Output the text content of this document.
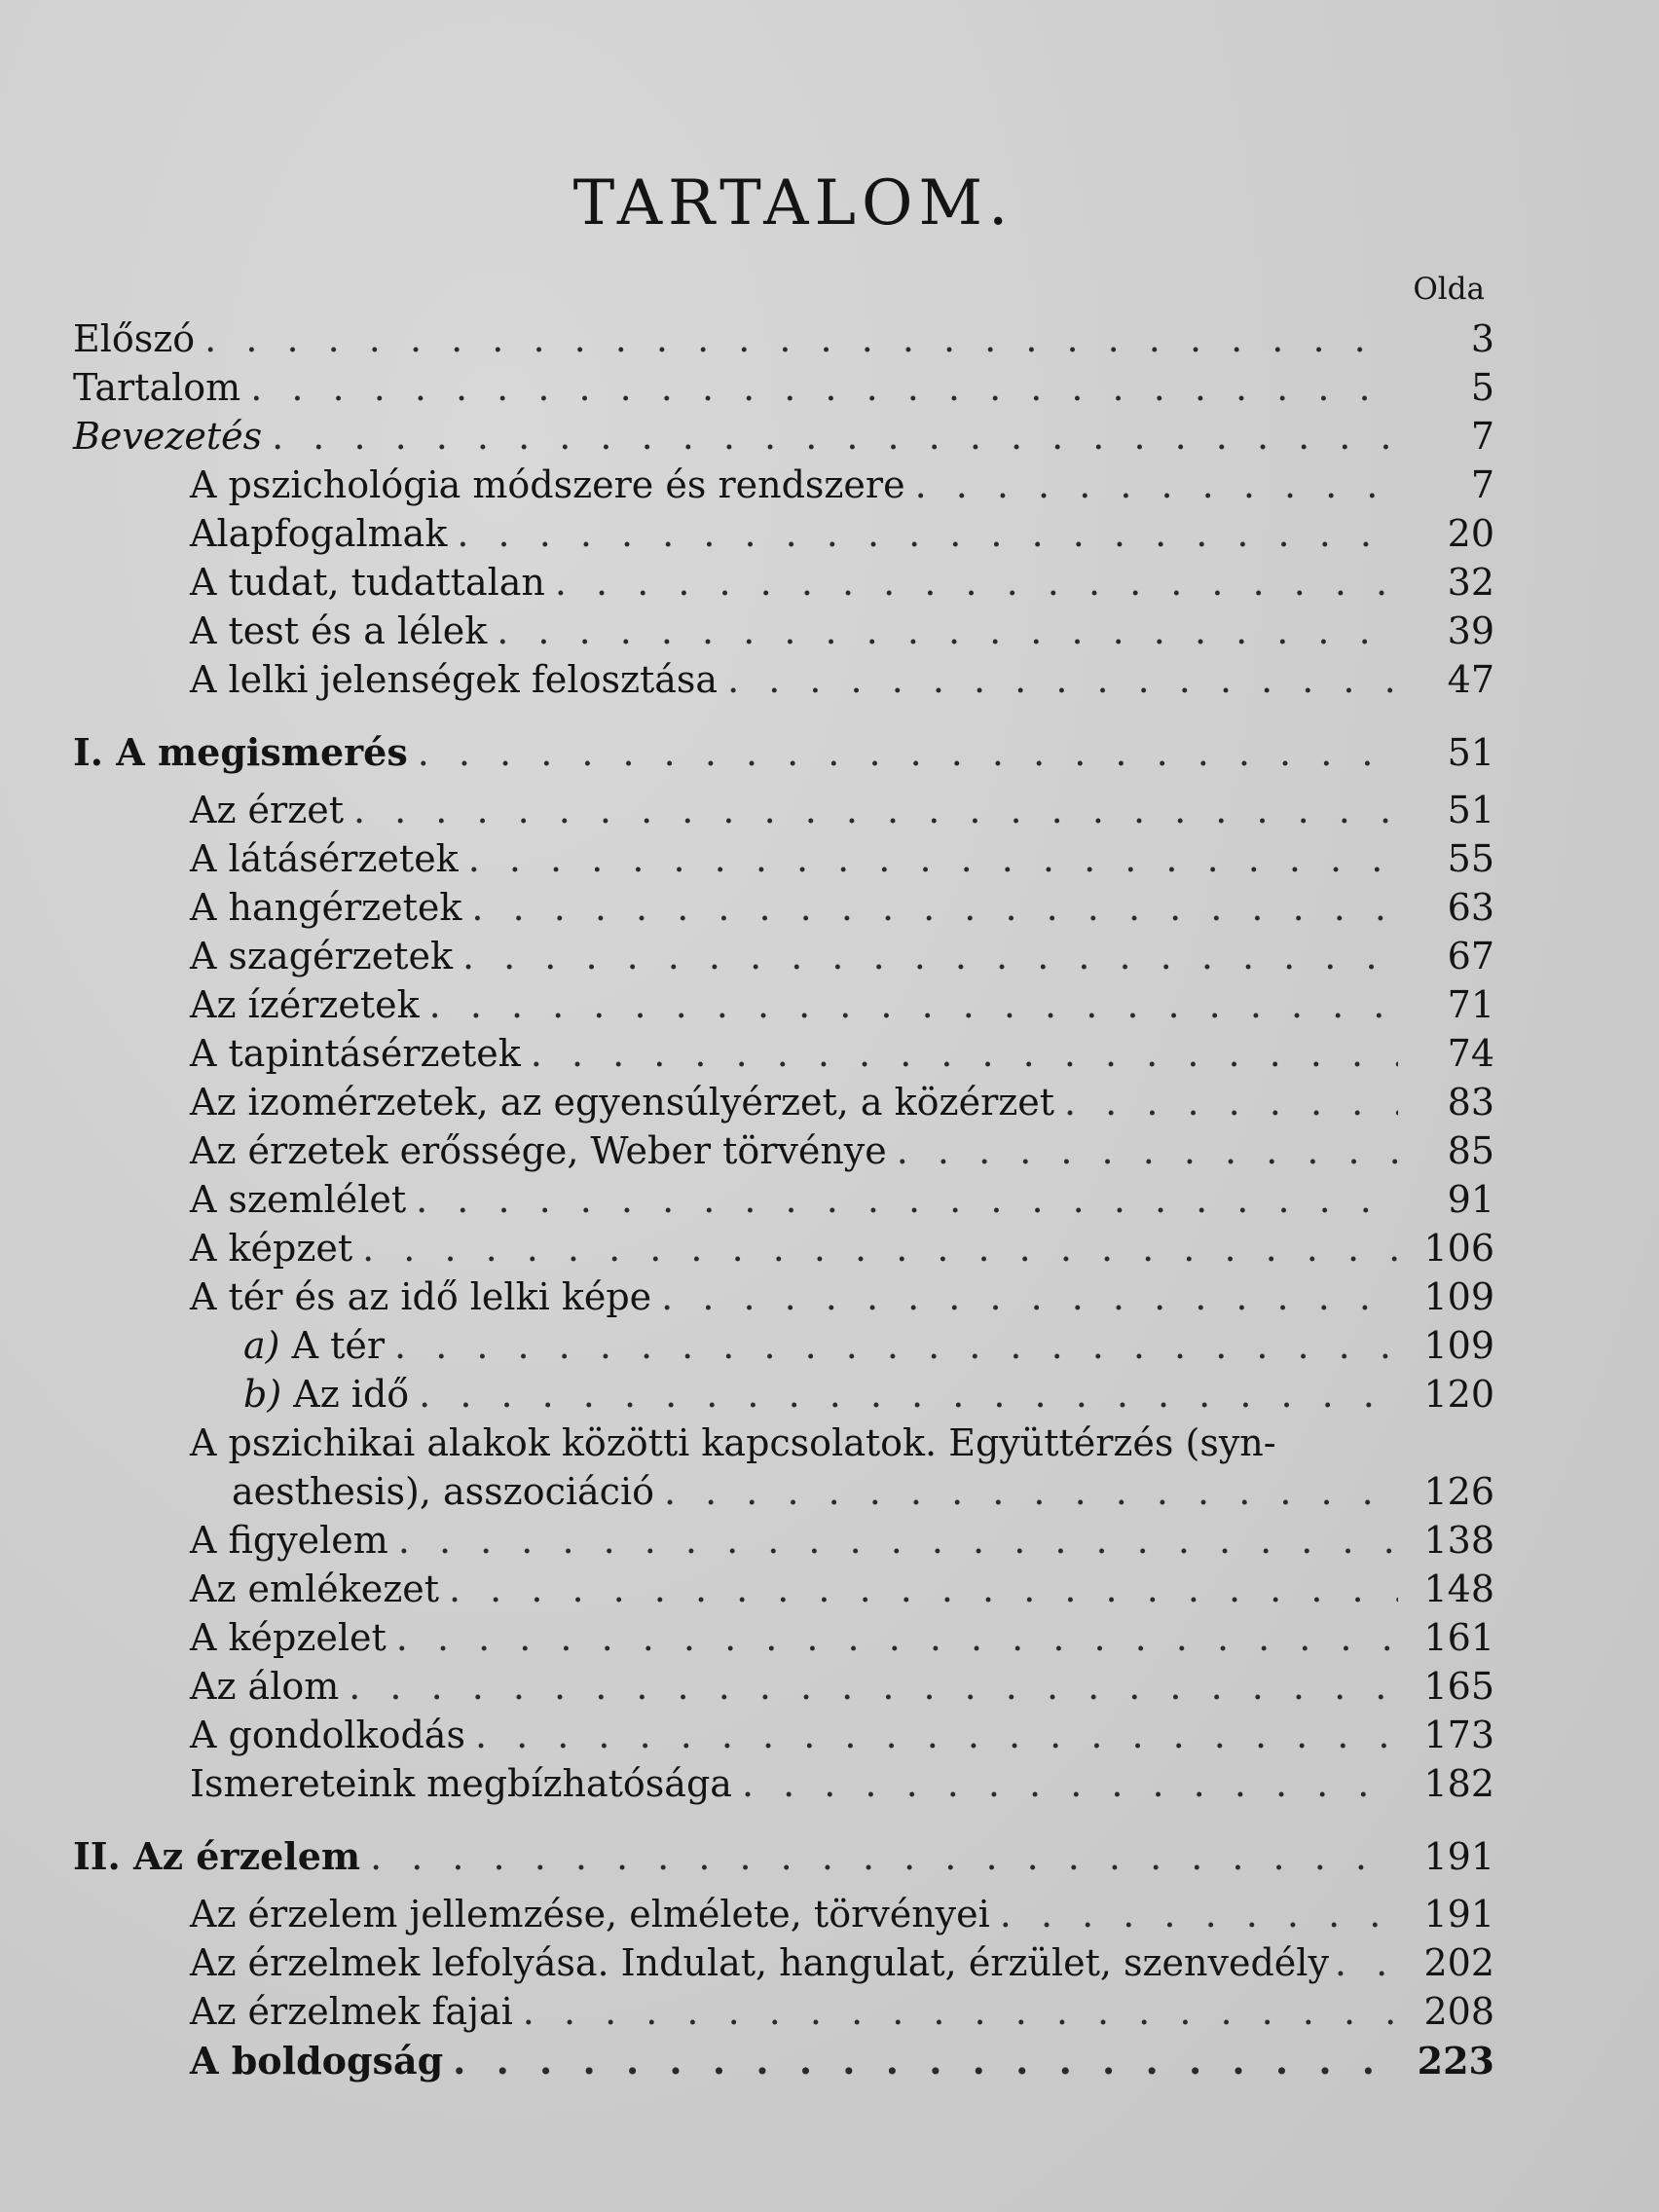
TARTALOM.
Olda
Előszó . . .	3
Tartalom . . .	5
Bevezetés . . .	7
A pszichológia módszere és rendszere . . .	7
Alapfogalmak . . .	20
A tudat, tudattalan . . .	32
A test és a lélek . . .	39
A lelki jelenségek felosztása . . .	47
I. A megismerés . . .	51
Az érzet . . .	51
A látásérzetek . . .	55
A hangérzetek . . .	63
A szagérzetek . . .	67
Az ízérzetek . . .	71
A tapintásérzetek . . .	74
Az izomérzetek, az egyensúlyérzet, a közérzet . . .	83
Az érzetek erőssége, Weber törvénye . . .	85
A szemlélet . . .	91
A képzet . . .	106
A tér és az idő lelki képe . . .	109
a) A tér . . .	109
b) Az idő . . .	120
A pszichikai alakok közötti kapcsolatok. Együttérzés (syn-
aesthesis), asszociáció . . .	126
A figyelem . . .	138
Az emlékezet . . .	148
A képzelet . . .	161
Az álom . . .	165
A gondolkodás . . .	173
Ismereteink megbízhatósága . . .	182
II. Az érzelem . . .	191
Az érzelem jellemzése, elmélete, törvényei . . .	191
Az érzelmek lefolyása. Indulat, hangulat, érzület, szenvedély . . .	202
Az érzelmek fajai . . .	208
A boldogság . . .	223
